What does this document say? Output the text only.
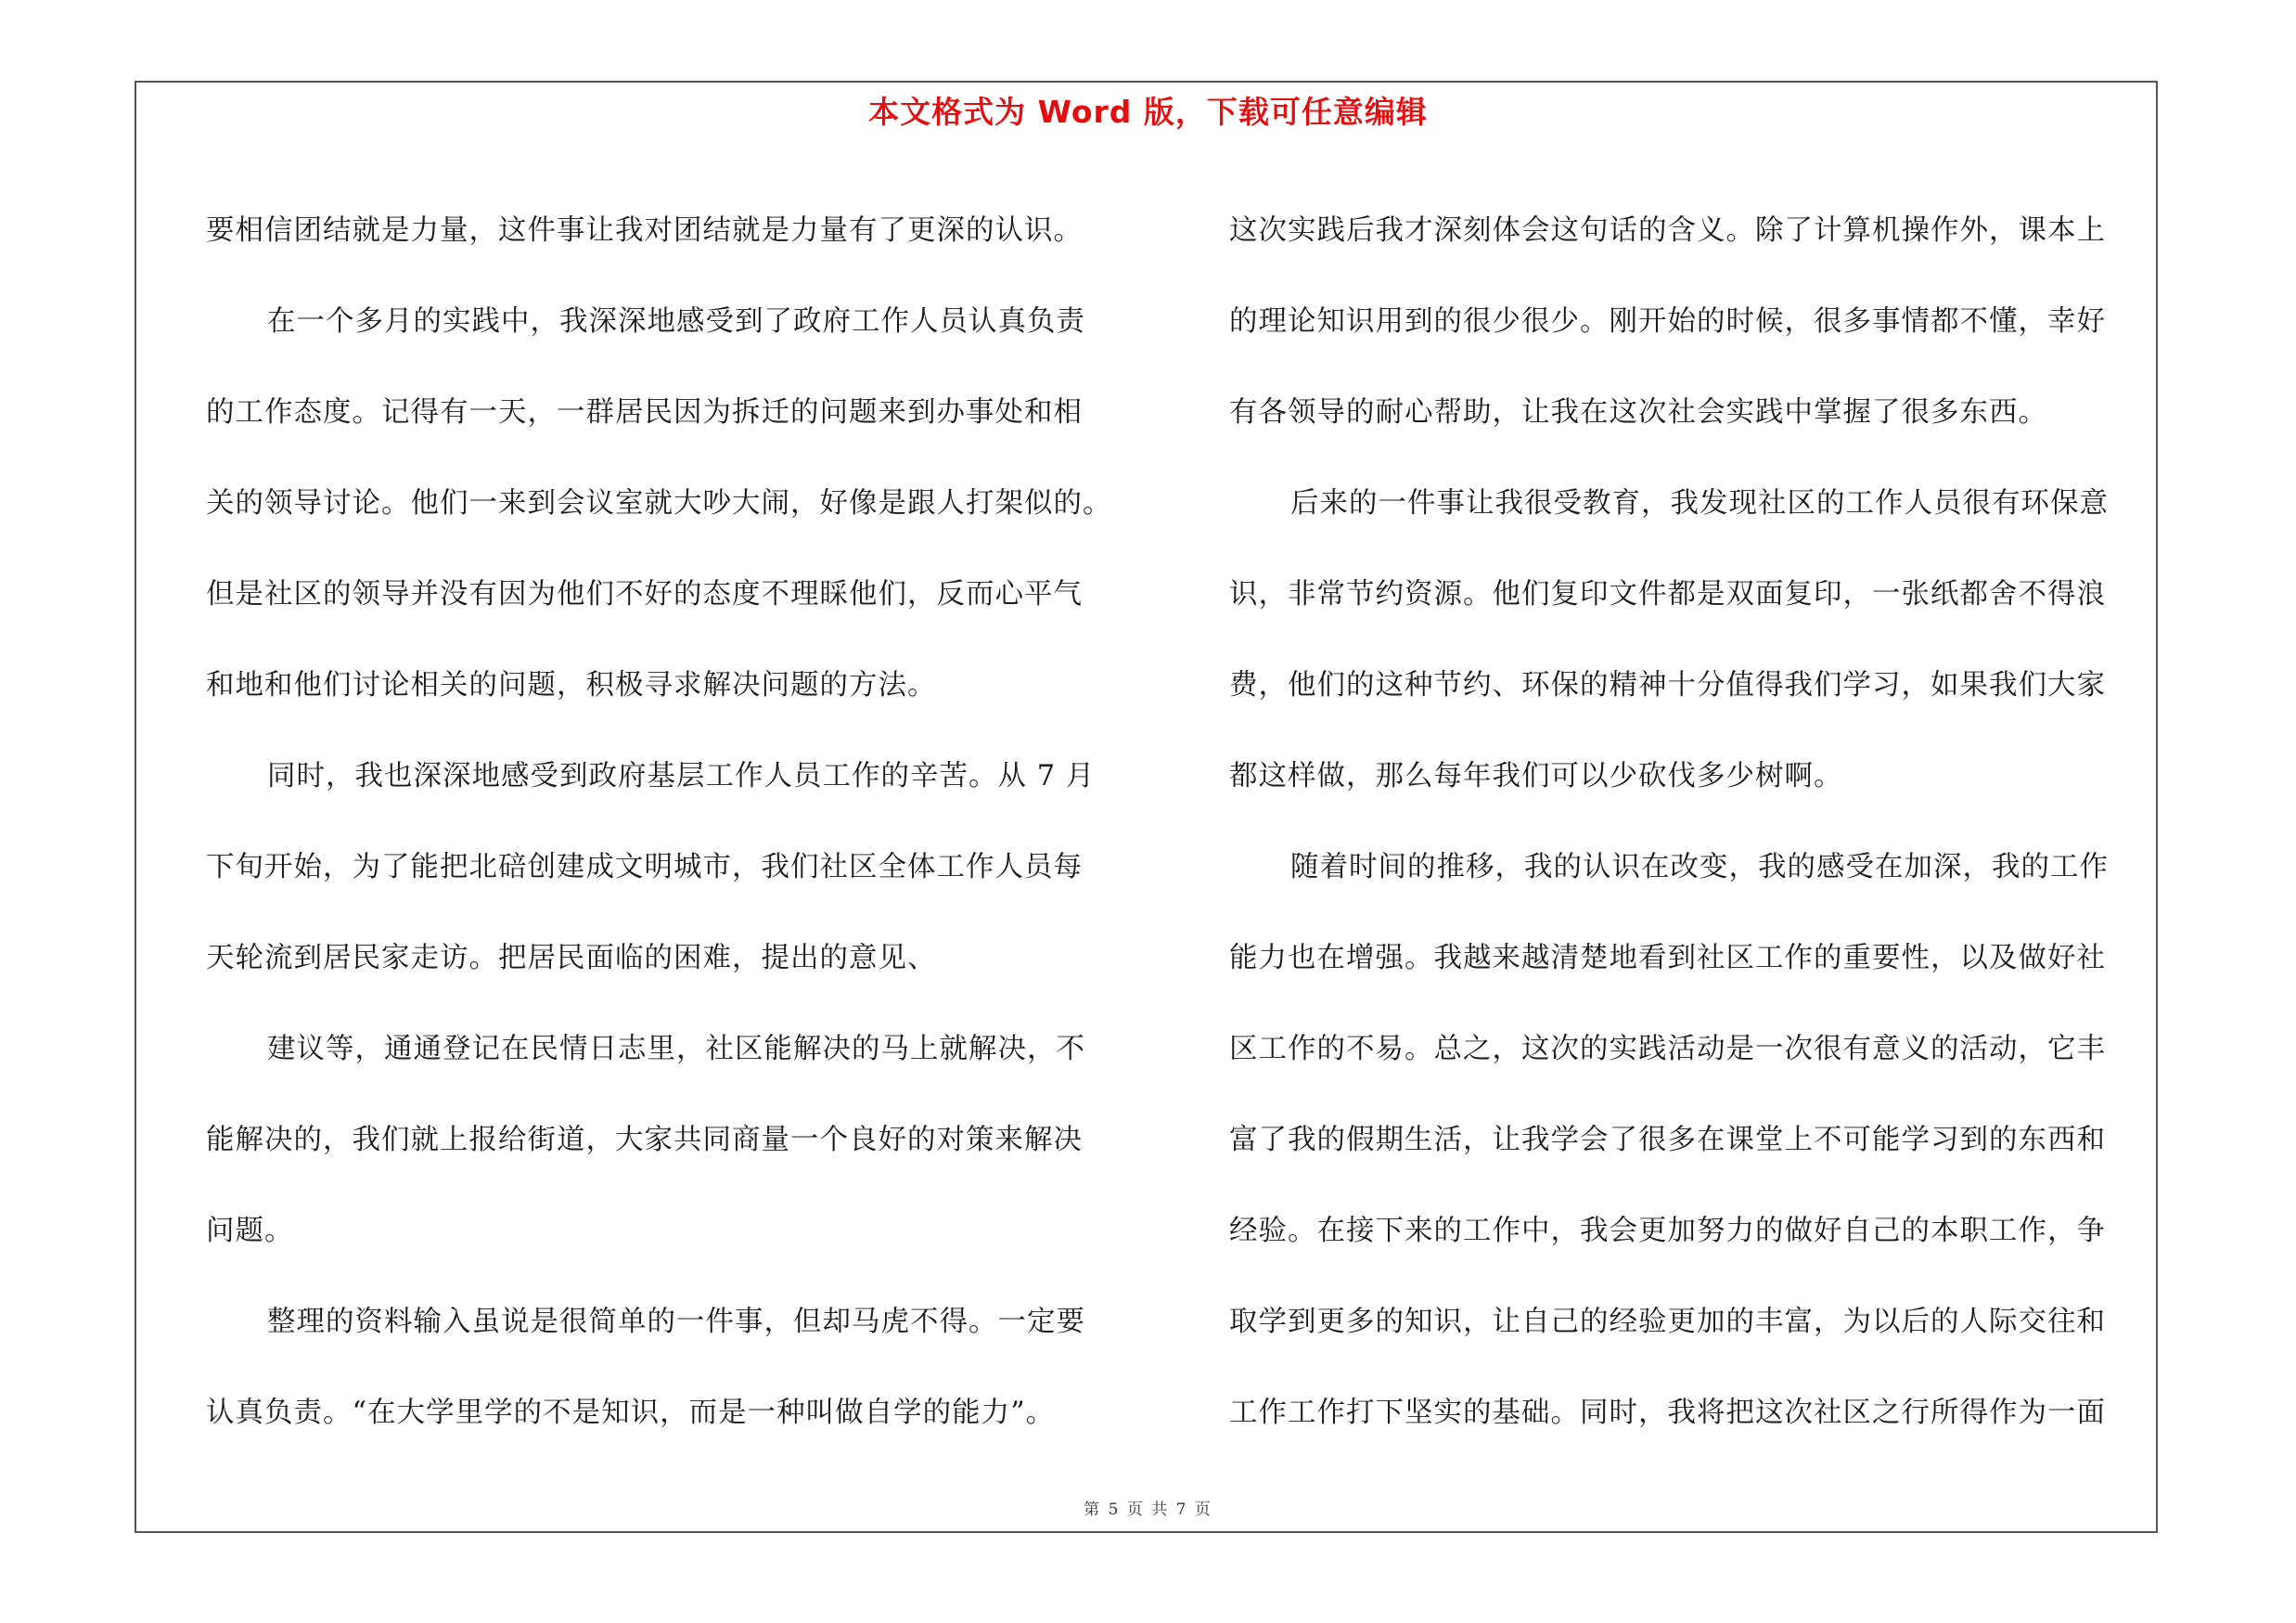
本文格式为 Word 版，下载可任意编辑
要相信团结就是力量，这件事让我对团结就是力量有了更深的认识。
在一个多月的实践中，我深深地感受到了政府工作人员认真负责
的工作态度。记得有一天，一群居民因为拆迁的问题来到办事处和相
关的领导讨论。他们一来到会议室就大吵大闹，好像是跟人打架似的。
但是社区的领导并没有因为他们不好的态度不理睬他们，反而心平气
和地和他们讨论相关的问题，积极寻求解决问题的方法。
同时，我也深深地感受到政府基层工作人员工作的辛苦。从 7 月
下旬开始，为了能把北碚创建成文明城市，我们社区全体工作人员每
天轮流到居民家走访。把居民面临的困难，提出的意见、
建议等，通通登记在民情日志里，社区能解决的马上就解决，不
能解决的，我们就上报给街道，大家共同商量一个良好的对策来解决
问题。
整理的资料输入虽说是很简单的一件事，但却马虎不得。一定要
认真负责。“在大学里学的不是知识，而是一种叫做自学的能力”。
这次实践后我才深刻体会这句话的含义。除了计算机操作外，课本上
的理论知识用到的很少很少。刚开始的时候，很多事情都不懂，幸好
有各领导的耐心帮助，让我在这次社会实践中掌握了很多东西。
后来的一件事让我很受教育，我发现社区的工作人员很有环保意
识，非常节约资源。他们复印文件都是双面复印，一张纸都舍不得浪
费，他们的这种节约、环保的精神十分值得我们学习，如果我们大家
都这样做，那么每年我们可以少砍伐多少树啊。
随着时间的推移，我的认识在改变，我的感受在加深，我的工作
能力也在增强。我越来越清楚地看到社区工作的重要性，以及做好社
区工作的不易。总之，这次的实践活动是一次很有意义的活动，它丰
富了我的假期生活，让我学会了很多在课堂上不可能学习到的东西和
经验。在接下来的工作中，我会更加努力的做好自己的本职工作，争
取学到更多的知识，让自己的经验更加的丰富，为以后的人际交往和
工作工作打下坚实的基础。同时，我将把这次社区之行所得作为一面
第 5 页 共 7 页
